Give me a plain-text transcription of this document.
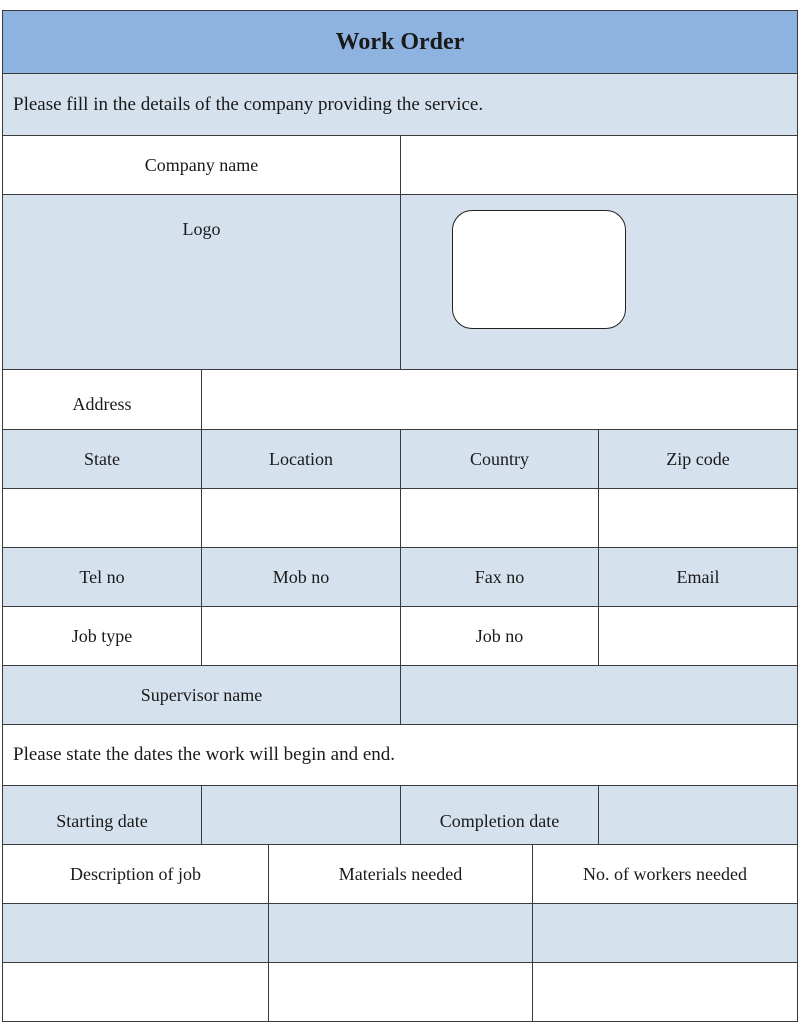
Work Order
Please fill in the details of the company providing the service.
Company name
Logo
Address
State	Location	Country	Zip code
Tel no	Mob no	Fax no	Email
Job type	Job no
Supervisor name
Please state the dates the work will begin and end.
Starting date	Completion date
Description of job	Materials needed	No. of workers needed
